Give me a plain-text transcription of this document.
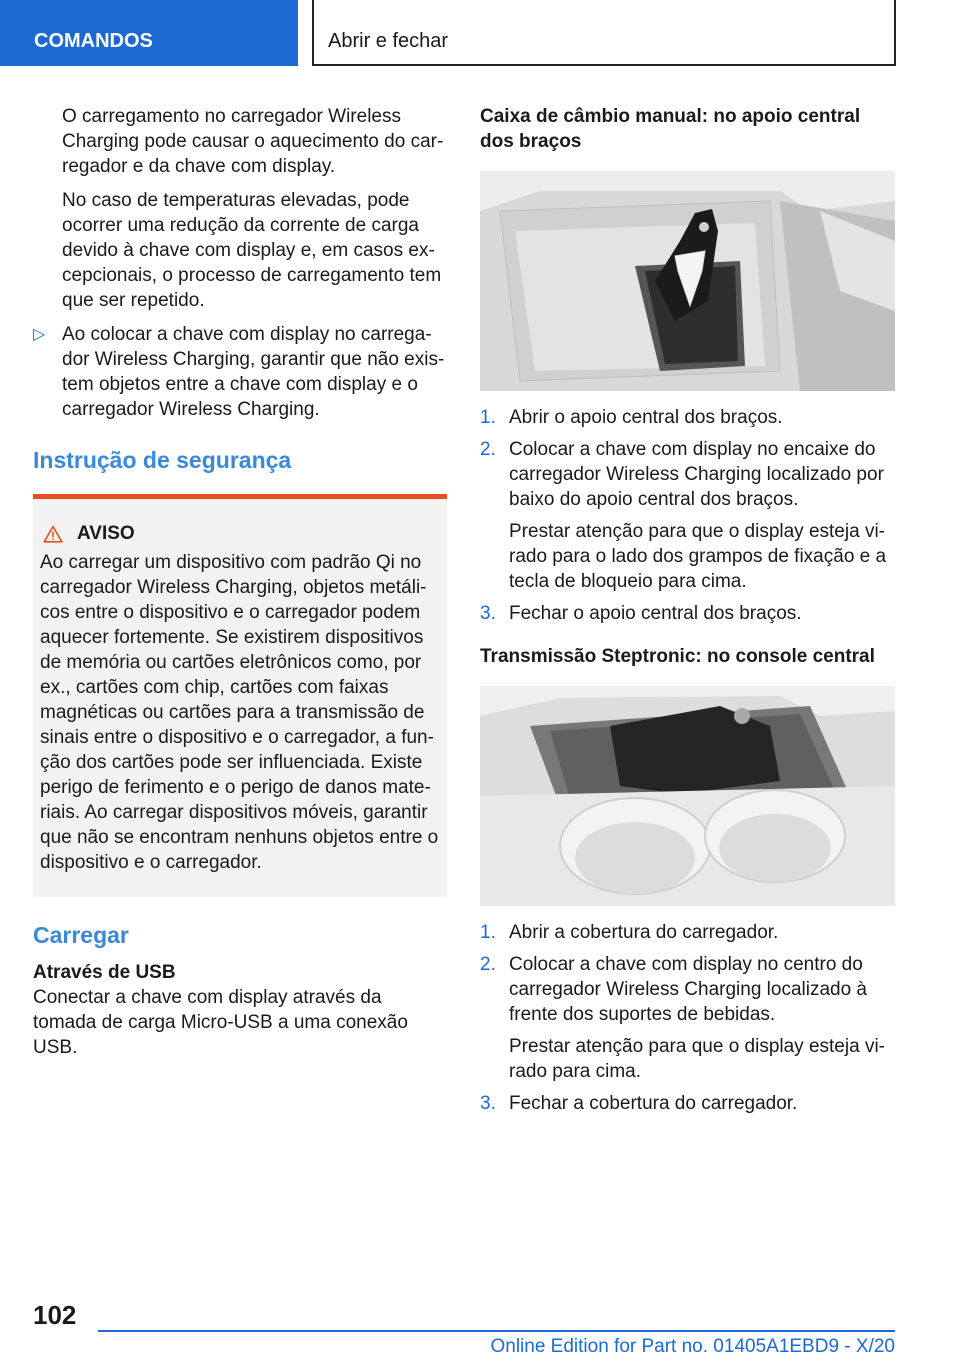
COMANDOS	Abrir e fechar

O carregamento no carregador Wireless Charging pode causar o aquecimento do carregador e da chave com display.

No caso de temperaturas elevadas, pode ocorrer uma redução da corrente de carga devido à chave com display e, em casos excepcionais, o processo de carregamento tem que ser repetido.

▷ Ao colocar a chave com display no carregador Wireless Charging, garantir que não existem objetos entre a chave com display e o carregador Wireless Charging.
Instrução de segurança
AVISO

Ao carregar um dispositivo com padrão Qi no carregador Wireless Charging, objetos metálicos entre o dispositivo e o carregador podem aquecer fortemente. Se existirem dispositivos de memória ou cartões eletrônicos como, por ex., cartões com chip, cartões com faixas magnéticas ou cartões para a transmissão de sinais entre o dispositivo e o carregador, a função dos cartões pode ser influenciada. Existe perigo de ferimento e o perigo de danos materiais. Ao carregar dispositivos móveis, garantir que não se encontram nenhuns objetos entre o dispositivo e o carregador.

Carregar
Através de USB

Conectar a chave com display através da tomada de carga Micro-USB a uma conexão USB.

Caixa de câmbio manual: no apoio central dos braços
1. Abrir o apoio central dos braços.
2. Colocar a chave com display no encaixe do carregador Wireless Charging localizado por baixo do apoio central dos braços.
Prestar atenção para que o display esteja virado para o lado dos grampos de fixação e a tecla de bloqueio para cima.
3. Fechar o apoio central dos braços.
Transmissão Steptronic: no console central
1. Abrir a cobertura do carregador.
2. Colocar a chave com display no centro do carregador Wireless Charging localizado à frente dos suportes de bebidas.
Prestar atenção para que o display esteja virado para cima.
3. Fechar a cobertura do carregador.
102
Online Edition for Part no. 01405A1EBD9 - X/20
